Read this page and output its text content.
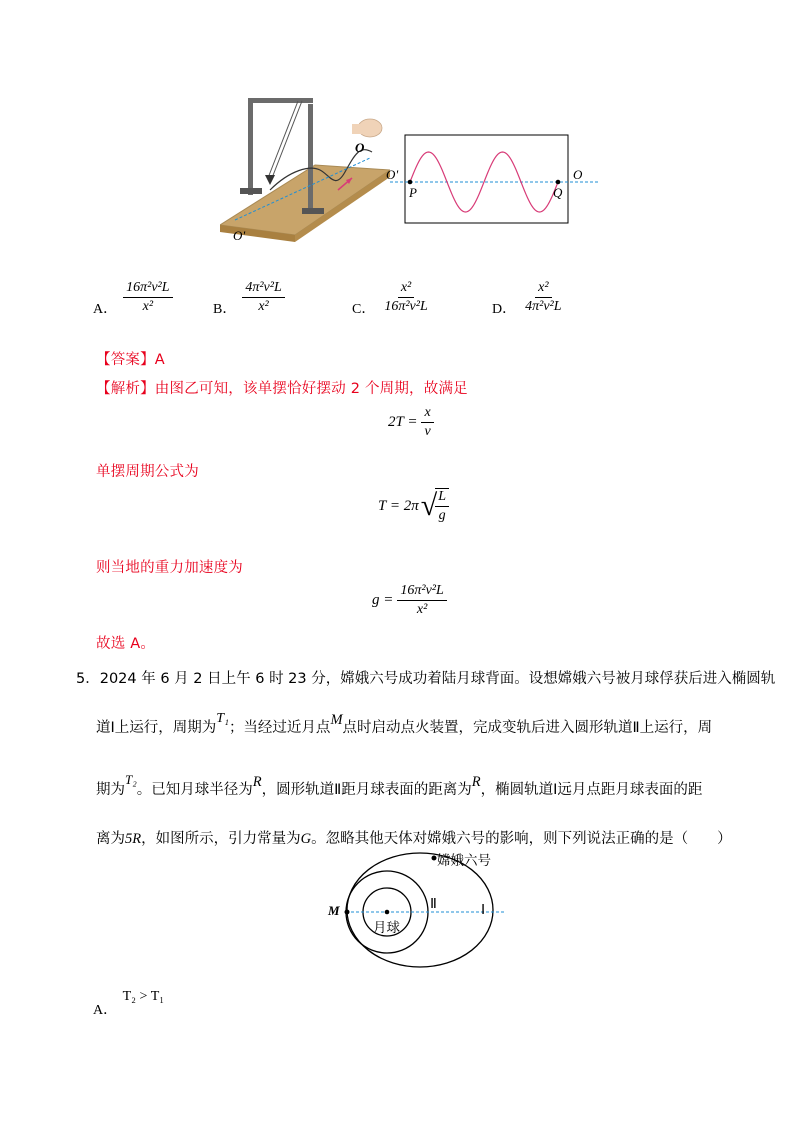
O
O'
O'	O
P	Q
A． $\frac{\text{16π²v²L}}{\text{x²}}$	B． $\frac{\text{4π²v²L}}{\text{x²}}$	C． $\frac{\text{x²}}{\text{16π²v²L}}$	D． $\frac{\text{x²}}{\text{4π²v²L}}$
【答案】A
【解析】由图乙可知，该单摆恰好摆动 2 个周期，故满足
$2T = \frac{x}{v}$
单摆周期公式为
T = 2π √
$\frac{L}{g}$
则当地的重力加速度为
$g = \frac{\text{16π²v²L}}{\text{x²}}$
故选 A。
5．2024 年 6 月 2 日上午 6 时 23 分，嫦娥六号成功着陆月球背面。设想嫦娥六号被月球俘获后进入椭圆轨
道Ⅰ上运行，周期为T₁；当经过近月点M点时启动点火装置，完成变轨后进入圆形轨道Ⅱ上运行，周
期为T₂。已知月球半径为R，圆形轨道Ⅱ距月球表面的距离为R，椭圆轨道Ⅰ远月点距月球表面的距
离为5R，如图所示，引力常量为G。忽略其他天体对嫦娥六号的影响，则下列说法正确的是（　　）
嫦娥六号
M
月球
Ⅱ	Ⅰ
A． T₂ > T₁
